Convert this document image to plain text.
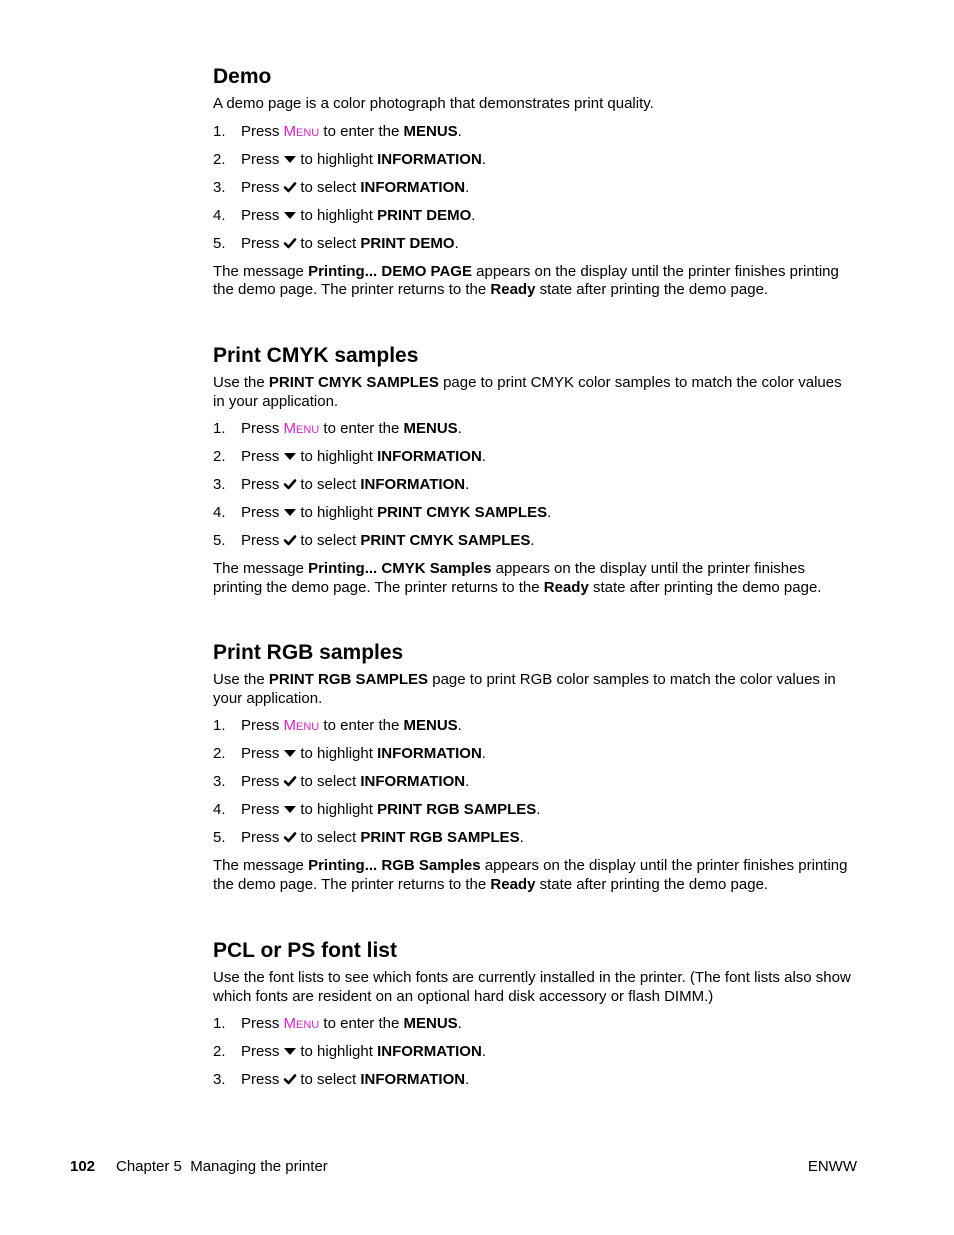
Demo

A demo page is a color photograph that demonstrates print quality.

1.	Press MENU to enter the MENUS.
2.	Press to highlight INFORMATION.
3.	Press to select INFORMATION.
4.	Press to highlight PRINT DEMO.
5.	Press to select PRINT DEMO.

The message Printing... DEMO PAGE appears on the display until the printer finishes printing the demo page. The printer returns to the Ready state after printing the demo page.

Print CMYK samples

Use the PRINT CMYK SAMPLES page to print CMYK color samples to match the color values in your application.

1.	Press MENU to enter the MENUS.
2.	Press to highlight INFORMATION.
3.	Press to select INFORMATION.
4.	Press to highlight PRINT CMYK SAMPLES.
5.	Press to select PRINT CMYK SAMPLES.

The message Printing... CMYK Samples appears on the display until the printer finishes printing the demo page. The printer returns to the Ready state after printing the demo page.

Print RGB samples

Use the PRINT RGB SAMPLES page to print RGB color samples to match the color values in your application.

1.	Press MENU to enter the MENUS.
2.	Press to highlight INFORMATION.
3.	Press to select INFORMATION.
4.	Press to highlight PRINT RGB SAMPLES.
5.	Press to select PRINT RGB SAMPLES.

The message Printing... RGB Samples appears on the display until the printer finishes printing the demo page. The printer returns to the Ready state after printing the demo page.

PCL or PS font list

Use the font lists to see which fonts are currently installed in the printer. (The font lists also show which fonts are resident on an optional hard disk accessory or flash DIMM.)

1.	Press MENU to enter the MENUS.
2.	Press to highlight INFORMATION.
3.	Press to select INFORMATION.
102 Chapter 5  Managing the printer	ENWW
